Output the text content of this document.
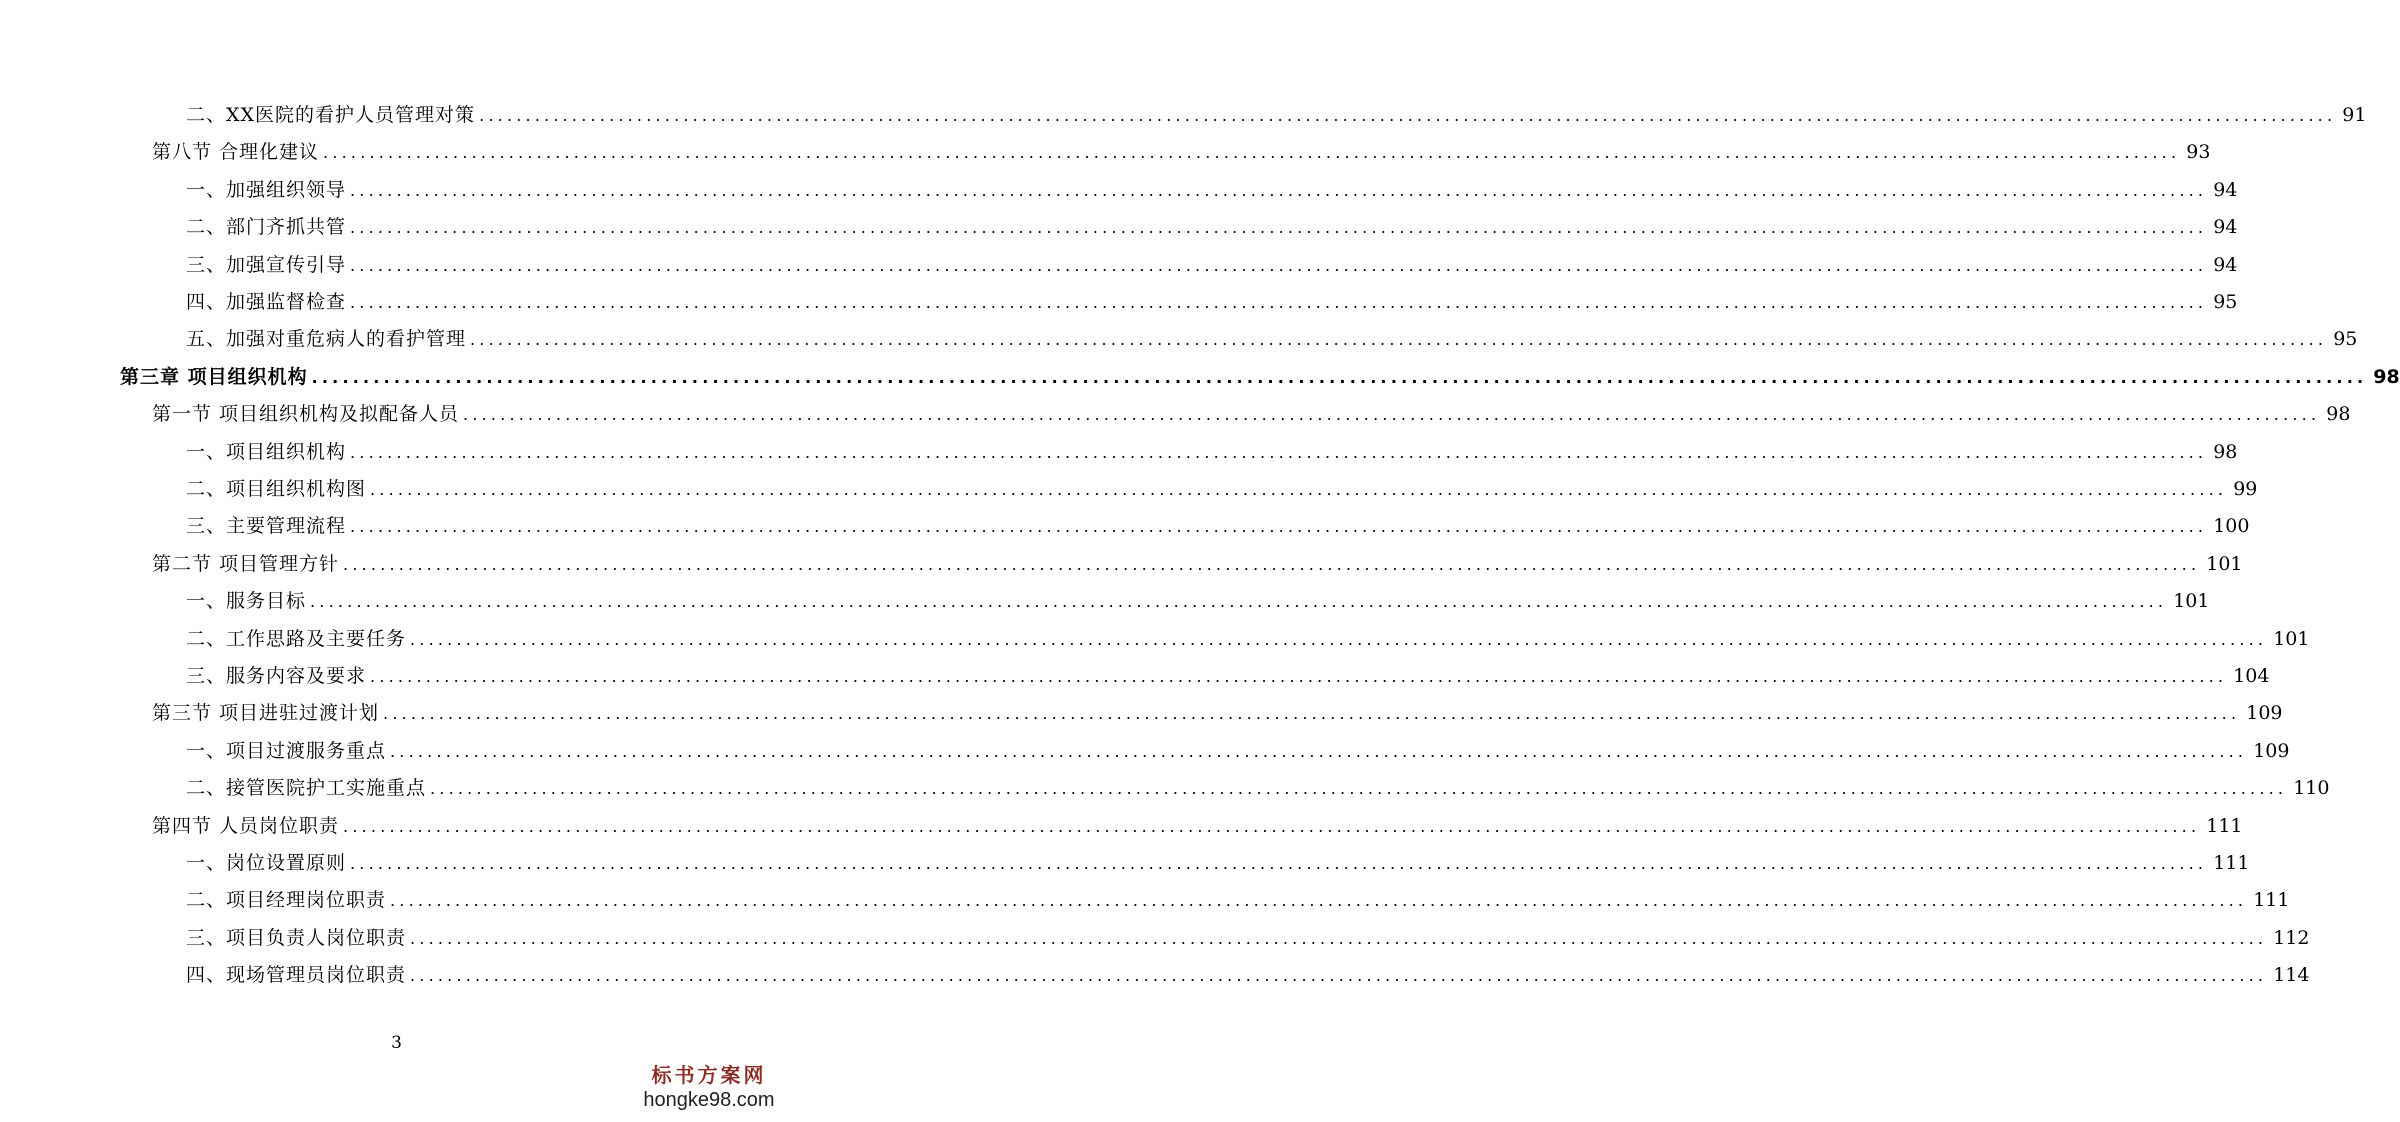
二、XX医院的看护人员管理对策 ........................................................................................................................................................................................................ 91
第八节 合理化建议 ........................................................................................................................................................................................................ 93
一、加强组织领导 ........................................................................................................................................................................................................ 94
二、部门齐抓共管 ........................................................................................................................................................................................................ 94
三、加强宣传引导 ........................................................................................................................................................................................................ 94
四、加强监督检查 ........................................................................................................................................................................................................ 95
五、加强对重危病人的看护管理 ........................................................................................................................................................................................................ 95
第三章 项目组织机构 ........................................................................................................................................................................................................ 98
第一节 项目组织机构及拟配备人员 ........................................................................................................................................................................................................ 98
一、项目组织机构 ........................................................................................................................................................................................................ 98
二、项目组织机构图 ........................................................................................................................................................................................................ 99
三、主要管理流程 ........................................................................................................................................................................................................ 100
第二节 项目管理方针 ........................................................................................................................................................................................................ 101
一、服务目标 ........................................................................................................................................................................................................ 101
二、工作思路及主要任务 ........................................................................................................................................................................................................ 101
三、服务内容及要求 ........................................................................................................................................................................................................ 104
第三节 项目进驻过渡计划 ........................................................................................................................................................................................................ 109
一、项目过渡服务重点 ........................................................................................................................................................................................................ 109
二、接管医院护工实施重点 ........................................................................................................................................................................................................ 110
第四节 人员岗位职责 ........................................................................................................................................................................................................ 111
一、岗位设置原则 ........................................................................................................................................................................................................ 111
二、项目经理岗位职责 ........................................................................................................................................................................................................ 111
三、项目负责人岗位职责 ........................................................................................................................................................................................................ 112
四、现场管理员岗位职责 ........................................................................................................................................................................................................ 114
3
标书方案网
hongke98.com
